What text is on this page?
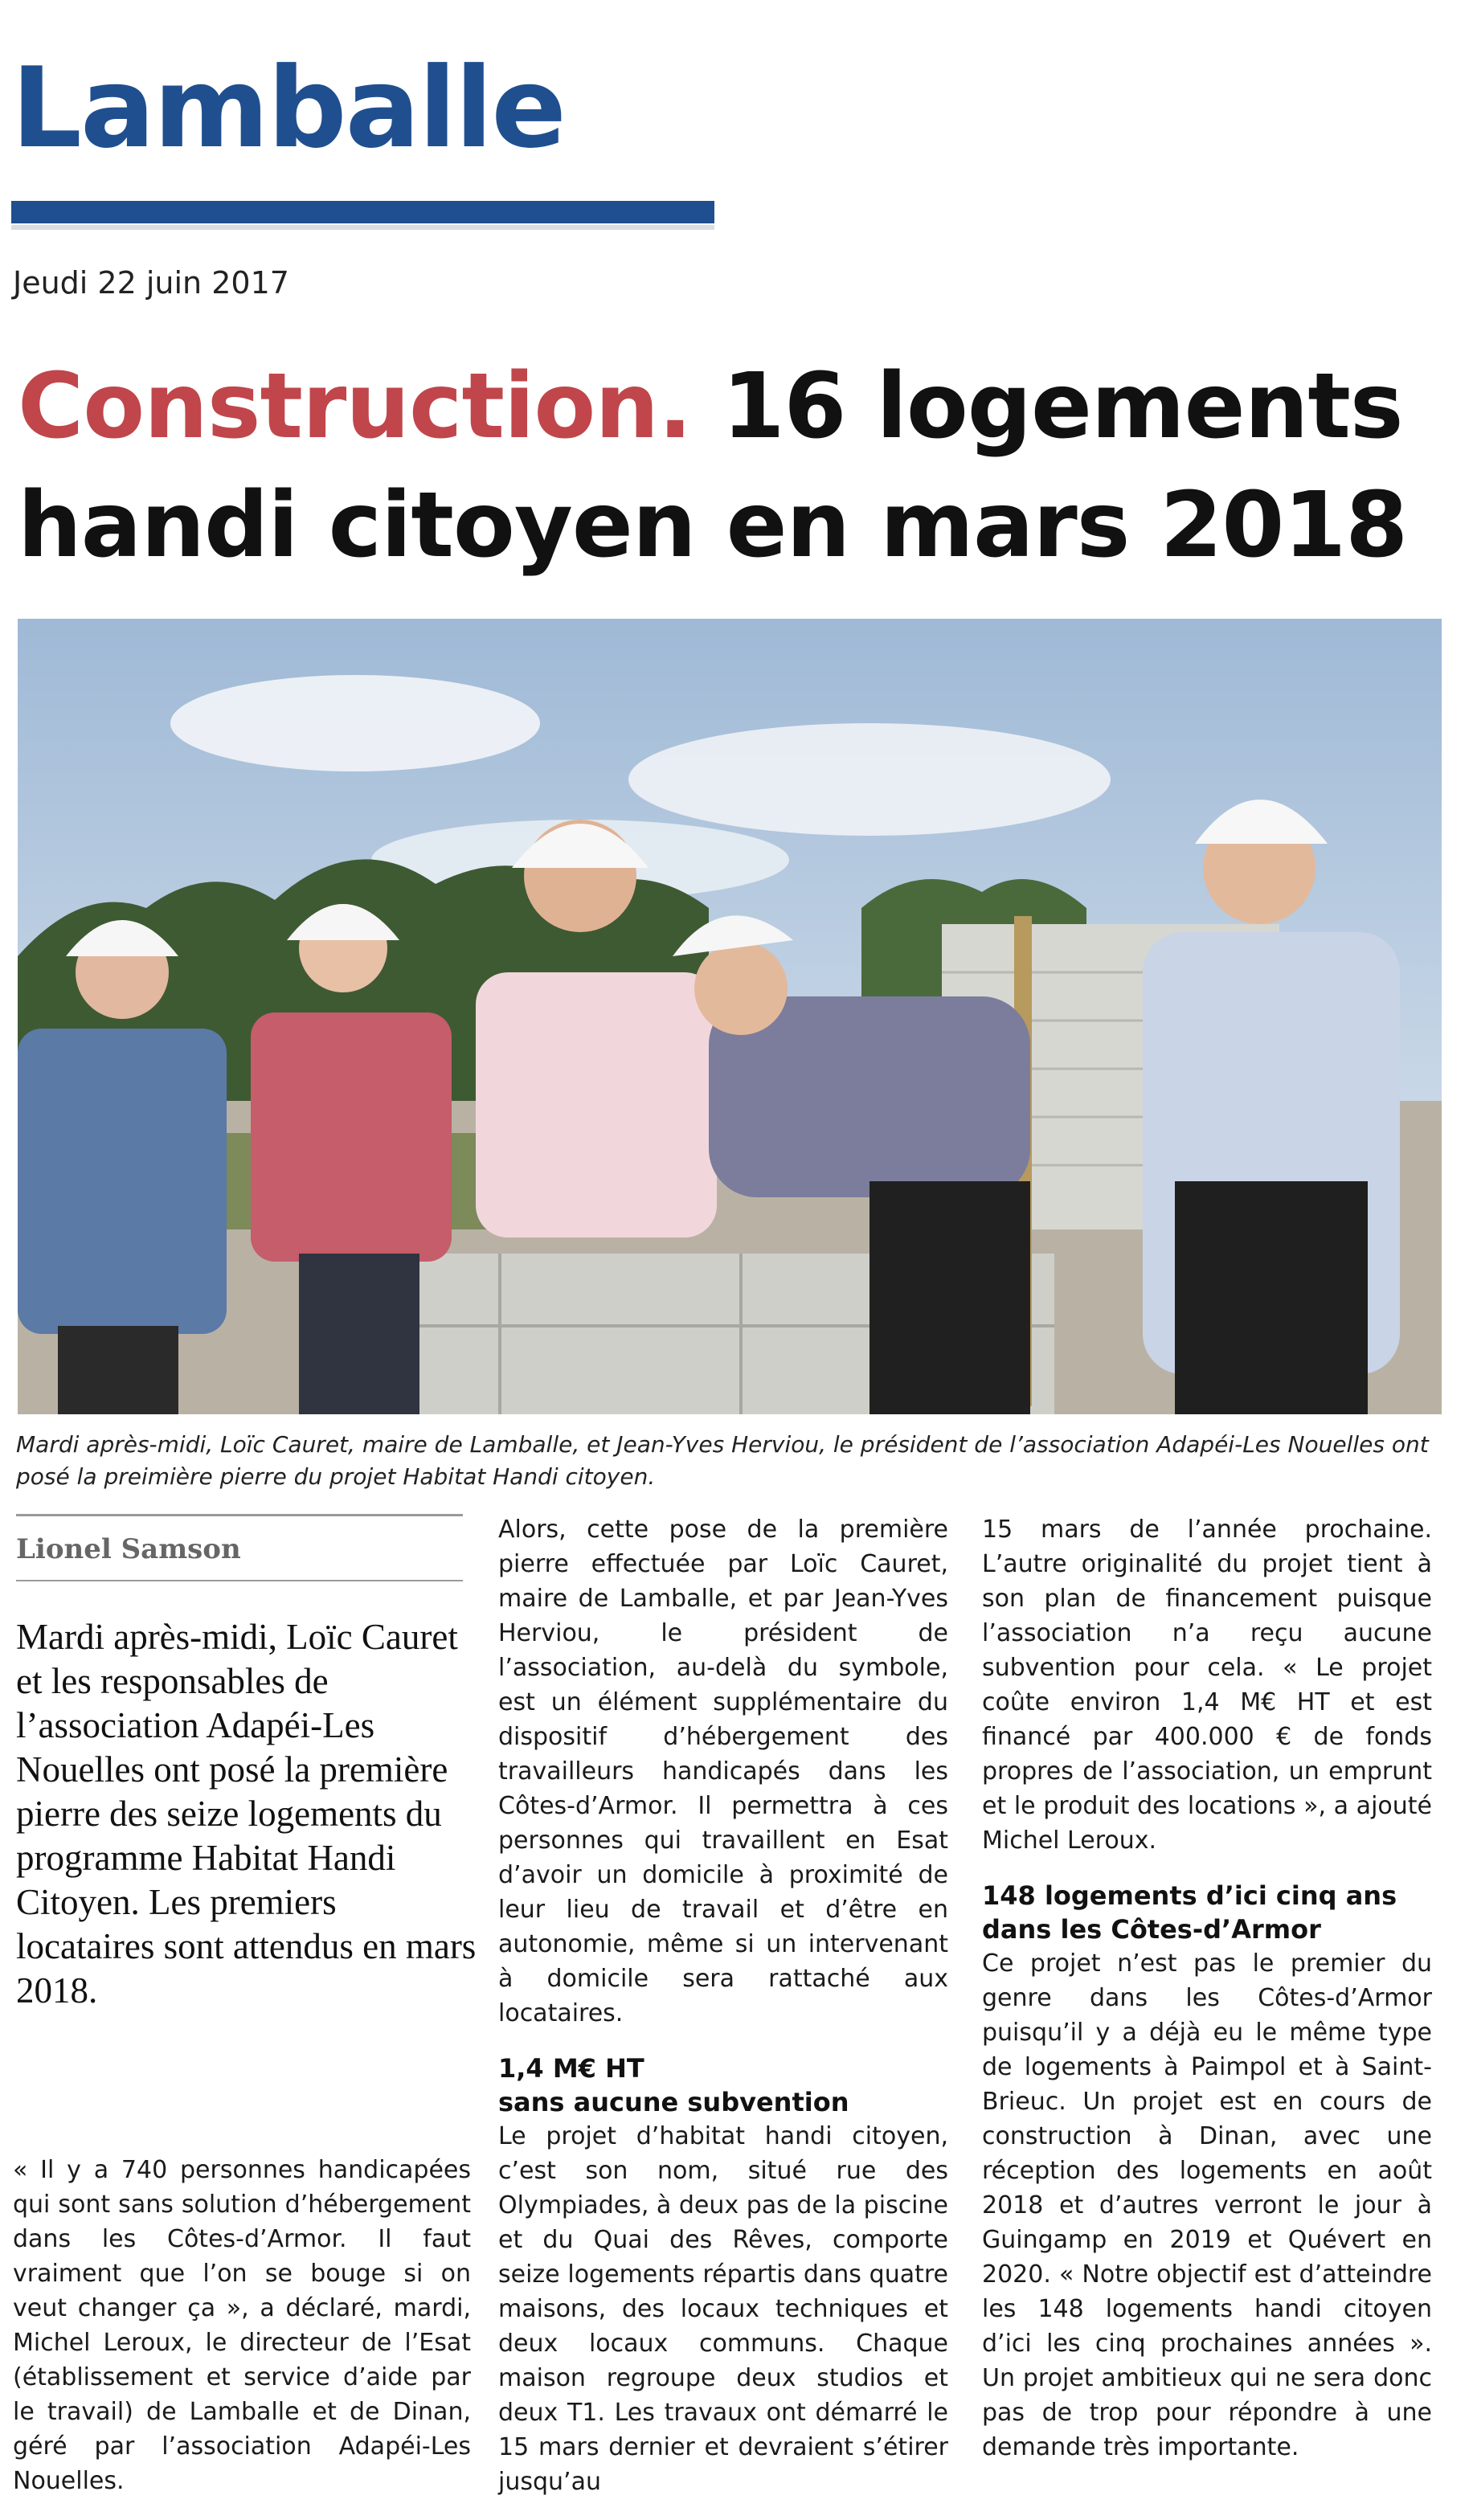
Lamballe
Jeudi 22 juin 2017
Construction. 16 logements handi citoyen en mars 2018
Mardi après-midi, Loïc Cauret, maire de Lamballe, et Jean-Yves Herviou, le président de l’association Adapéi-Les Nouelles ont posé la preimière pierre du projet Habitat Handi citoyen.
Lionel Samson

Mardi après-midi, Loïc Cauret et les responsables de l’association Adapéi-Les Nouelles ont posé la première pierre des seize logements du programme Habitat Handi Citoyen. Les premiers locataires sont attendus en mars 2018.

« Il y a 740 personnes handicapées qui sont sans solution d’hébergement dans les Côtes-d’Armor. Il faut vraiment que l’on se bouge si on veut changer ça », a déclaré, mardi, Michel Leroux, le directeur de l’Esat (établissement et service d’aide par le travail) de Lamballe et de Dinan, géré par l’association Adapéi-Les Nouelles.

Alors, cette pose de la première pierre effectuée par Loïc Cauret, maire de Lamballe, et par Jean-Yves Herviou, le président de l’association, au-delà du symbole, est un élément supplémentaire du dispositif d’hébergement des travailleurs handicapés dans les Côtes-d’Armor. Il permettra à ces personnes qui travaillent en Esat d’avoir un domicile à proximité de leur lieu de travail et d’être en autonomie, même si un intervenant à domicile sera rattaché aux locataires.

1,4 M€ HT
sans aucune subvention

Le projet d’habitat handi citoyen, c’est son nom, situé rue des Olympiades, à deux pas de la piscine et du Quai des Rêves, comporte seize logements répartis dans quatre maisons, des locaux techniques et deux locaux communs. Chaque maison regroupe deux studios et deux T1. Les travaux ont démarré le 15 mars dernier et devraient s’étirer jusqu’au

15 mars de l’année prochaine. L’autre originalité du projet tient à son plan de financement puisque l’association n’a reçu aucune subvention pour cela. « Le projet coûte environ 1,4 M€ HT et est financé par 400.000 € de fonds propres de l’association, un emprunt et le produit des locations », a ajouté Michel Leroux.

148 logements d’ici cinq ans dans les Côtes-d’Armor

Ce projet n’est pas le premier du genre dans les Côtes-d’Armor puisqu’il y a déjà eu le même type de logements à Paimpol et à Saint-Brieuc. Un projet est en cours de construction à Dinan, avec une réception des logements en août 2018 et d’autres verront le jour à Guingamp en 2019 et Quévert en 2020. « Notre objectif est d’atteindre les 148 logements handi citoyen d’ici les cinq prochaines années ». Un projet ambitieux qui ne sera donc pas de trop pour répondre à une demande très importante.
